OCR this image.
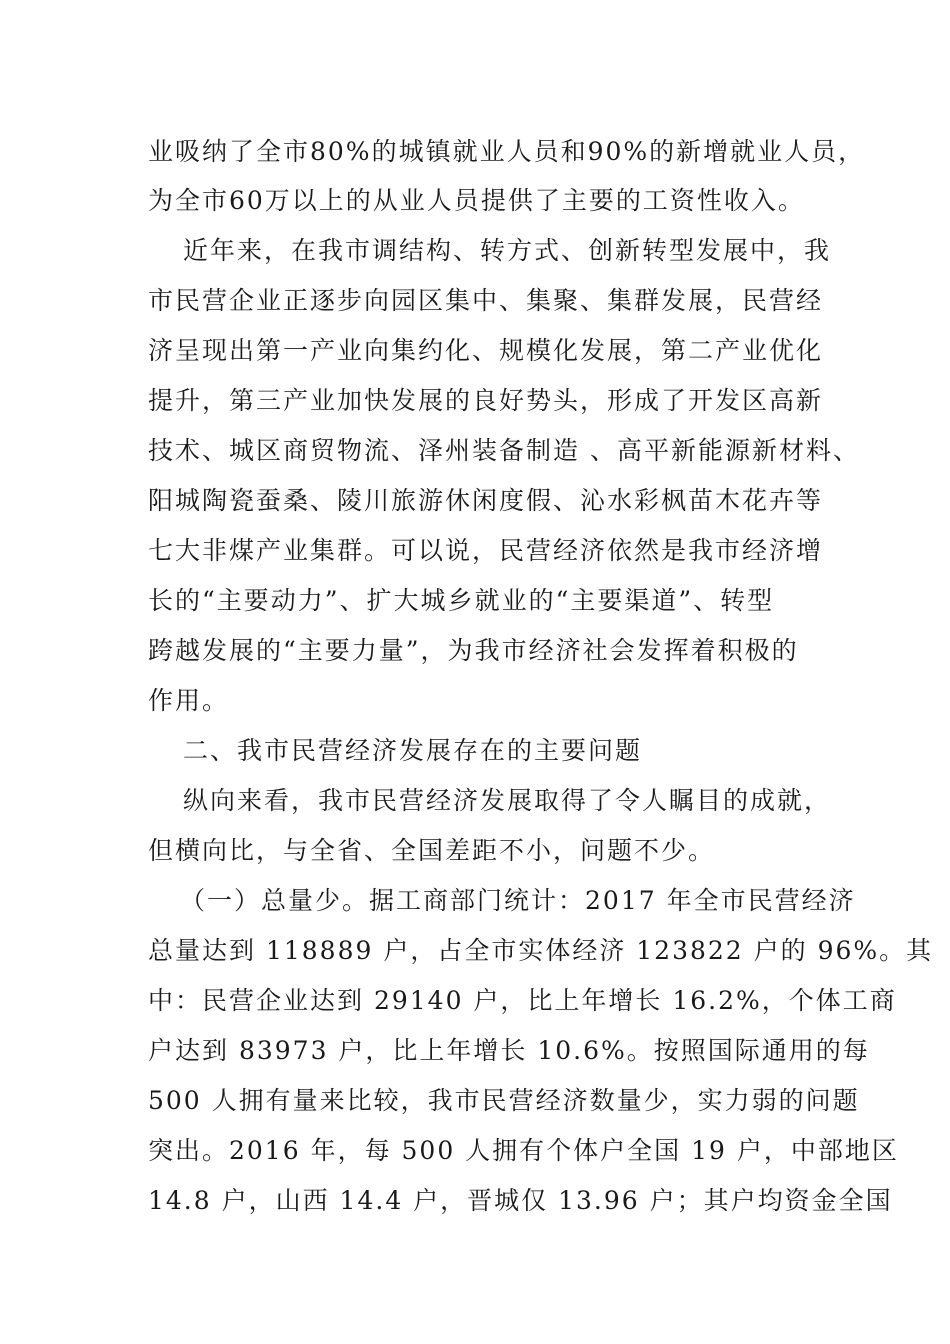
业吸纳了全市80%的城镇就业人员和90%的新增就业人员，
为全市60万以上的从业人员提供了主要的工资性收入。
近年来，在我市调结构、转方式、创新转型发展中，我
市民营企业正逐步向园区集中、集聚、集群发展，民营经
济呈现出第一产业向集约化、规模化发展，第二产业优化
提升，第三产业加快发展的良好势头，形成了开发区高新
技术、城区商贸物流、泽州装备制造 、高平新能源新材料、
阳城陶瓷蚕桑、陵川旅游休闲度假、沁水彩枫苗木花卉等
七大非煤产业集群。可以说，民营经济依然是我市经济增
长的“主要动力”、扩大城乡就业的“主要渠道”、转型
跨越发展的“主要力量”，为我市经济社会发挥着积极的
作用。
二、我市民营经济发展存在的主要问题
纵向来看，我市民营经济发展取得了令人瞩目的成就，
但横向比，与全省、全国差距不小，问题不少。
（一）总量少。据工商部门统计：2017 年全市民营经济
总量达到 118889 户，占全市实体经济 123822 户的 96%。其
中：民营企业达到 29140 户，比上年增长 16.2%，个体工商
户达到 83973 户，比上年增长 10.6%。按照国际通用的每
500 人拥有量来比较，我市民营经济数量少，实力弱的问题
突出。2016 年，每 500 人拥有个体户全国 19 户，中部地区
14.8 户，山西 14.4 户，晋城仅 13.96 户；其户均资金全国
